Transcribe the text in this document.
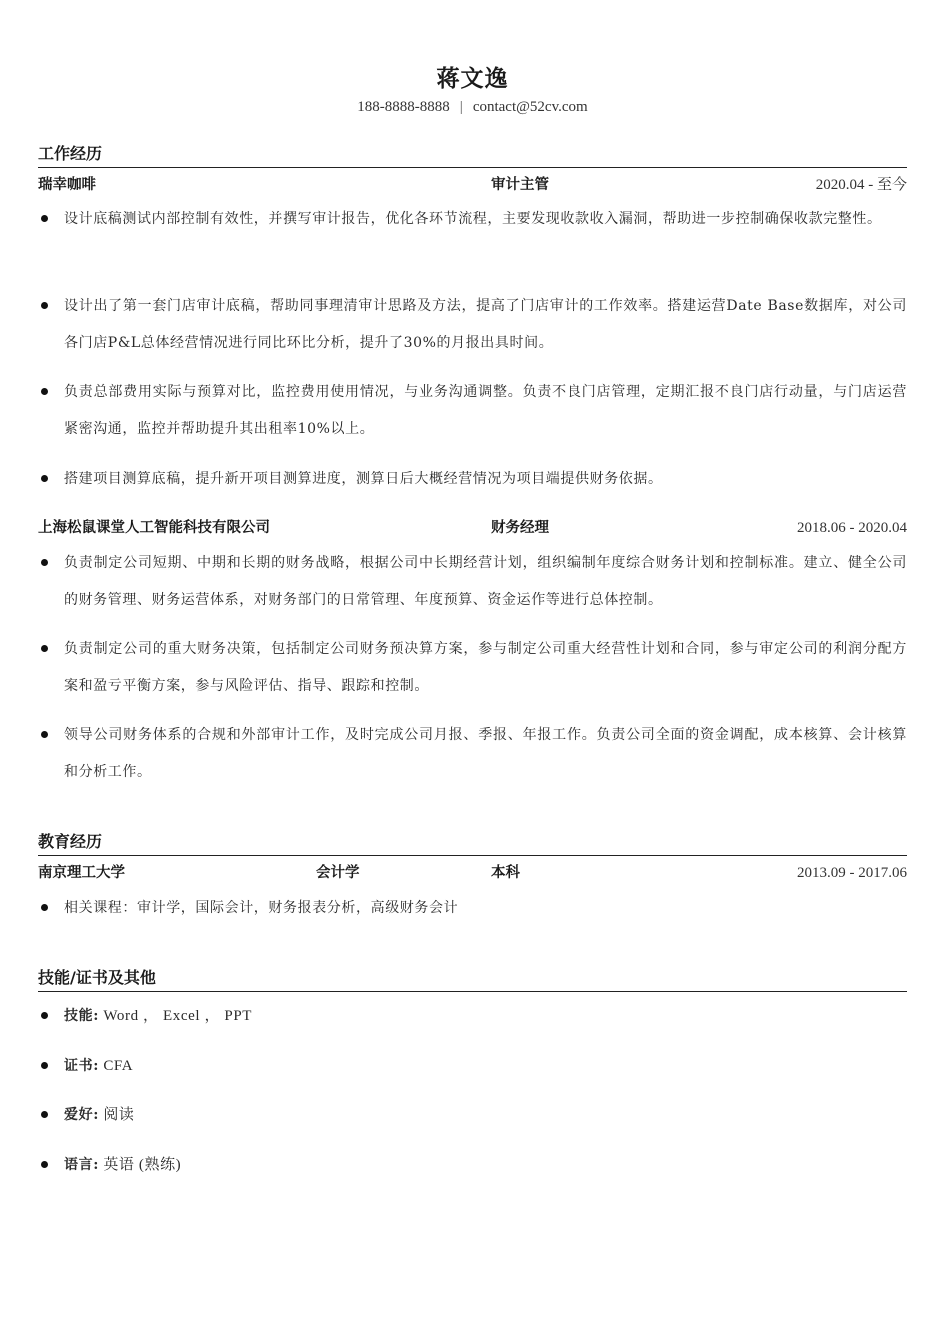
蒋文逸
188-8888-8888 | contact@52cv.com
工作经历
瑞幸咖啡	审计主管	2020.04 - 至今
设计底稿测试内部控制有效性，并撰写审计报告，优化各环节流程，主要发现收款收入漏洞，帮助进一步控制确保收款完整性。
设计出了第一套门店审计底稿，帮助同事理清审计思路及方法，提高了门店审计的工作效率。搭建运营Date Base数据库，对公司各门店P&L总体经营情况进行同比环比分析，提升了30%的月报出具时间。
负责总部费用实际与预算对比，监控费用使用情况，与业务沟通调整。负责不良门店管理，定期汇报不良门店行动量，与门店运营紧密沟通，监控并帮助提升其出租率10%以上。
搭建项目测算底稿，提升新开项目测算进度，测算日后大概经营情况为项目端提供财务依据。
上海松鼠课堂人工智能科技有限公司	财务经理	2018.06 - 2020.04
负责制定公司短期、中期和长期的财务战略，根据公司中长期经营计划，组织编制年度综合财务计划和控制标准。建立、健全公司的财务管理、财务运营体系，对财务部门的日常管理、年度预算、资金运作等进行总体控制。
负责制定公司的重大财务决策，包括制定公司财务预决算方案，参与制定公司重大经营性计划和合同，参与审定公司的利润分配方案和盈亏平衡方案，参与风险评估、指导、跟踪和控制。
领导公司财务体系的合规和外部审计工作，及时完成公司月报、季报、年报工作。负责公司全面的资金调配，成本核算、会计核算和分析工作。
教育经历
南京理工大学	会计学	本科	2013.09 - 2017.06
相关课程：审计学，国际会计，财务报表分析，高级财务会计
技能/证书及其他
技能: Word ， Excel ， PPT
证书: CFA
爱好: 阅读
语言: 英语 (熟练)
